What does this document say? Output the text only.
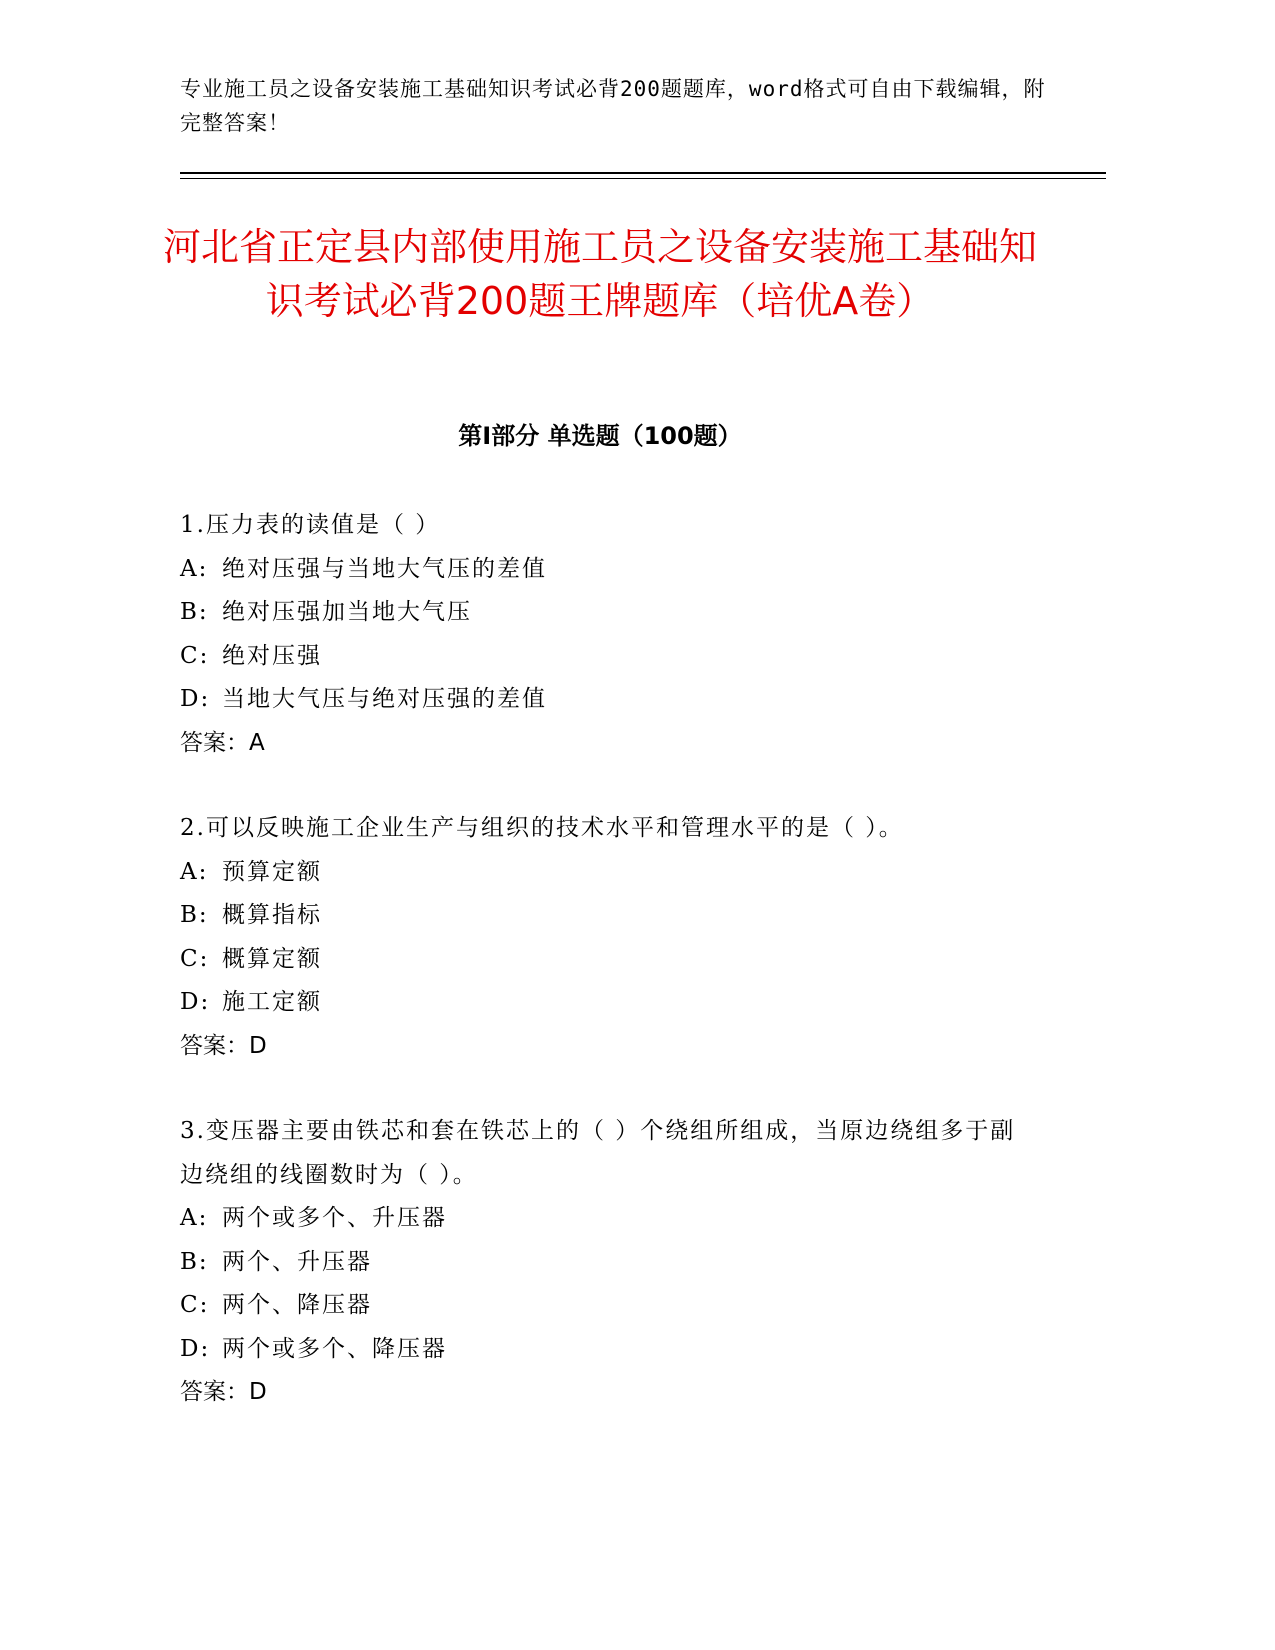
专业施工员之设备安装施工基础知识考试必背200题题库，word格式可自由下载编辑，附完整答案！
河北省正定县内部使用施工员之设备安装施工基础知识考试必背200题王牌题库（培优A卷）
第Ⅰ部分 单选题（100题）
1.压力表的读值是（ ）
A: 绝对压强与当地大气压的差值
B: 绝对压强加当地大气压
C: 绝对压强
D: 当地大气压与绝对压强的差值
答案：A
2.可以反映施工企业生产与组织的技术水平和管理水平的是（ ）。
A: 预算定额
B: 概算指标
C: 概算定额
D: 施工定额
答案：D
3.变压器主要由铁芯和套在铁芯上的（ ）个绕组所组成，当原边绕组多于副边绕组的线圈数时为（ ）。
A: 两个或多个、升压器
B: 两个、升压器
C: 两个、降压器
D: 两个或多个、降压器
答案：D
